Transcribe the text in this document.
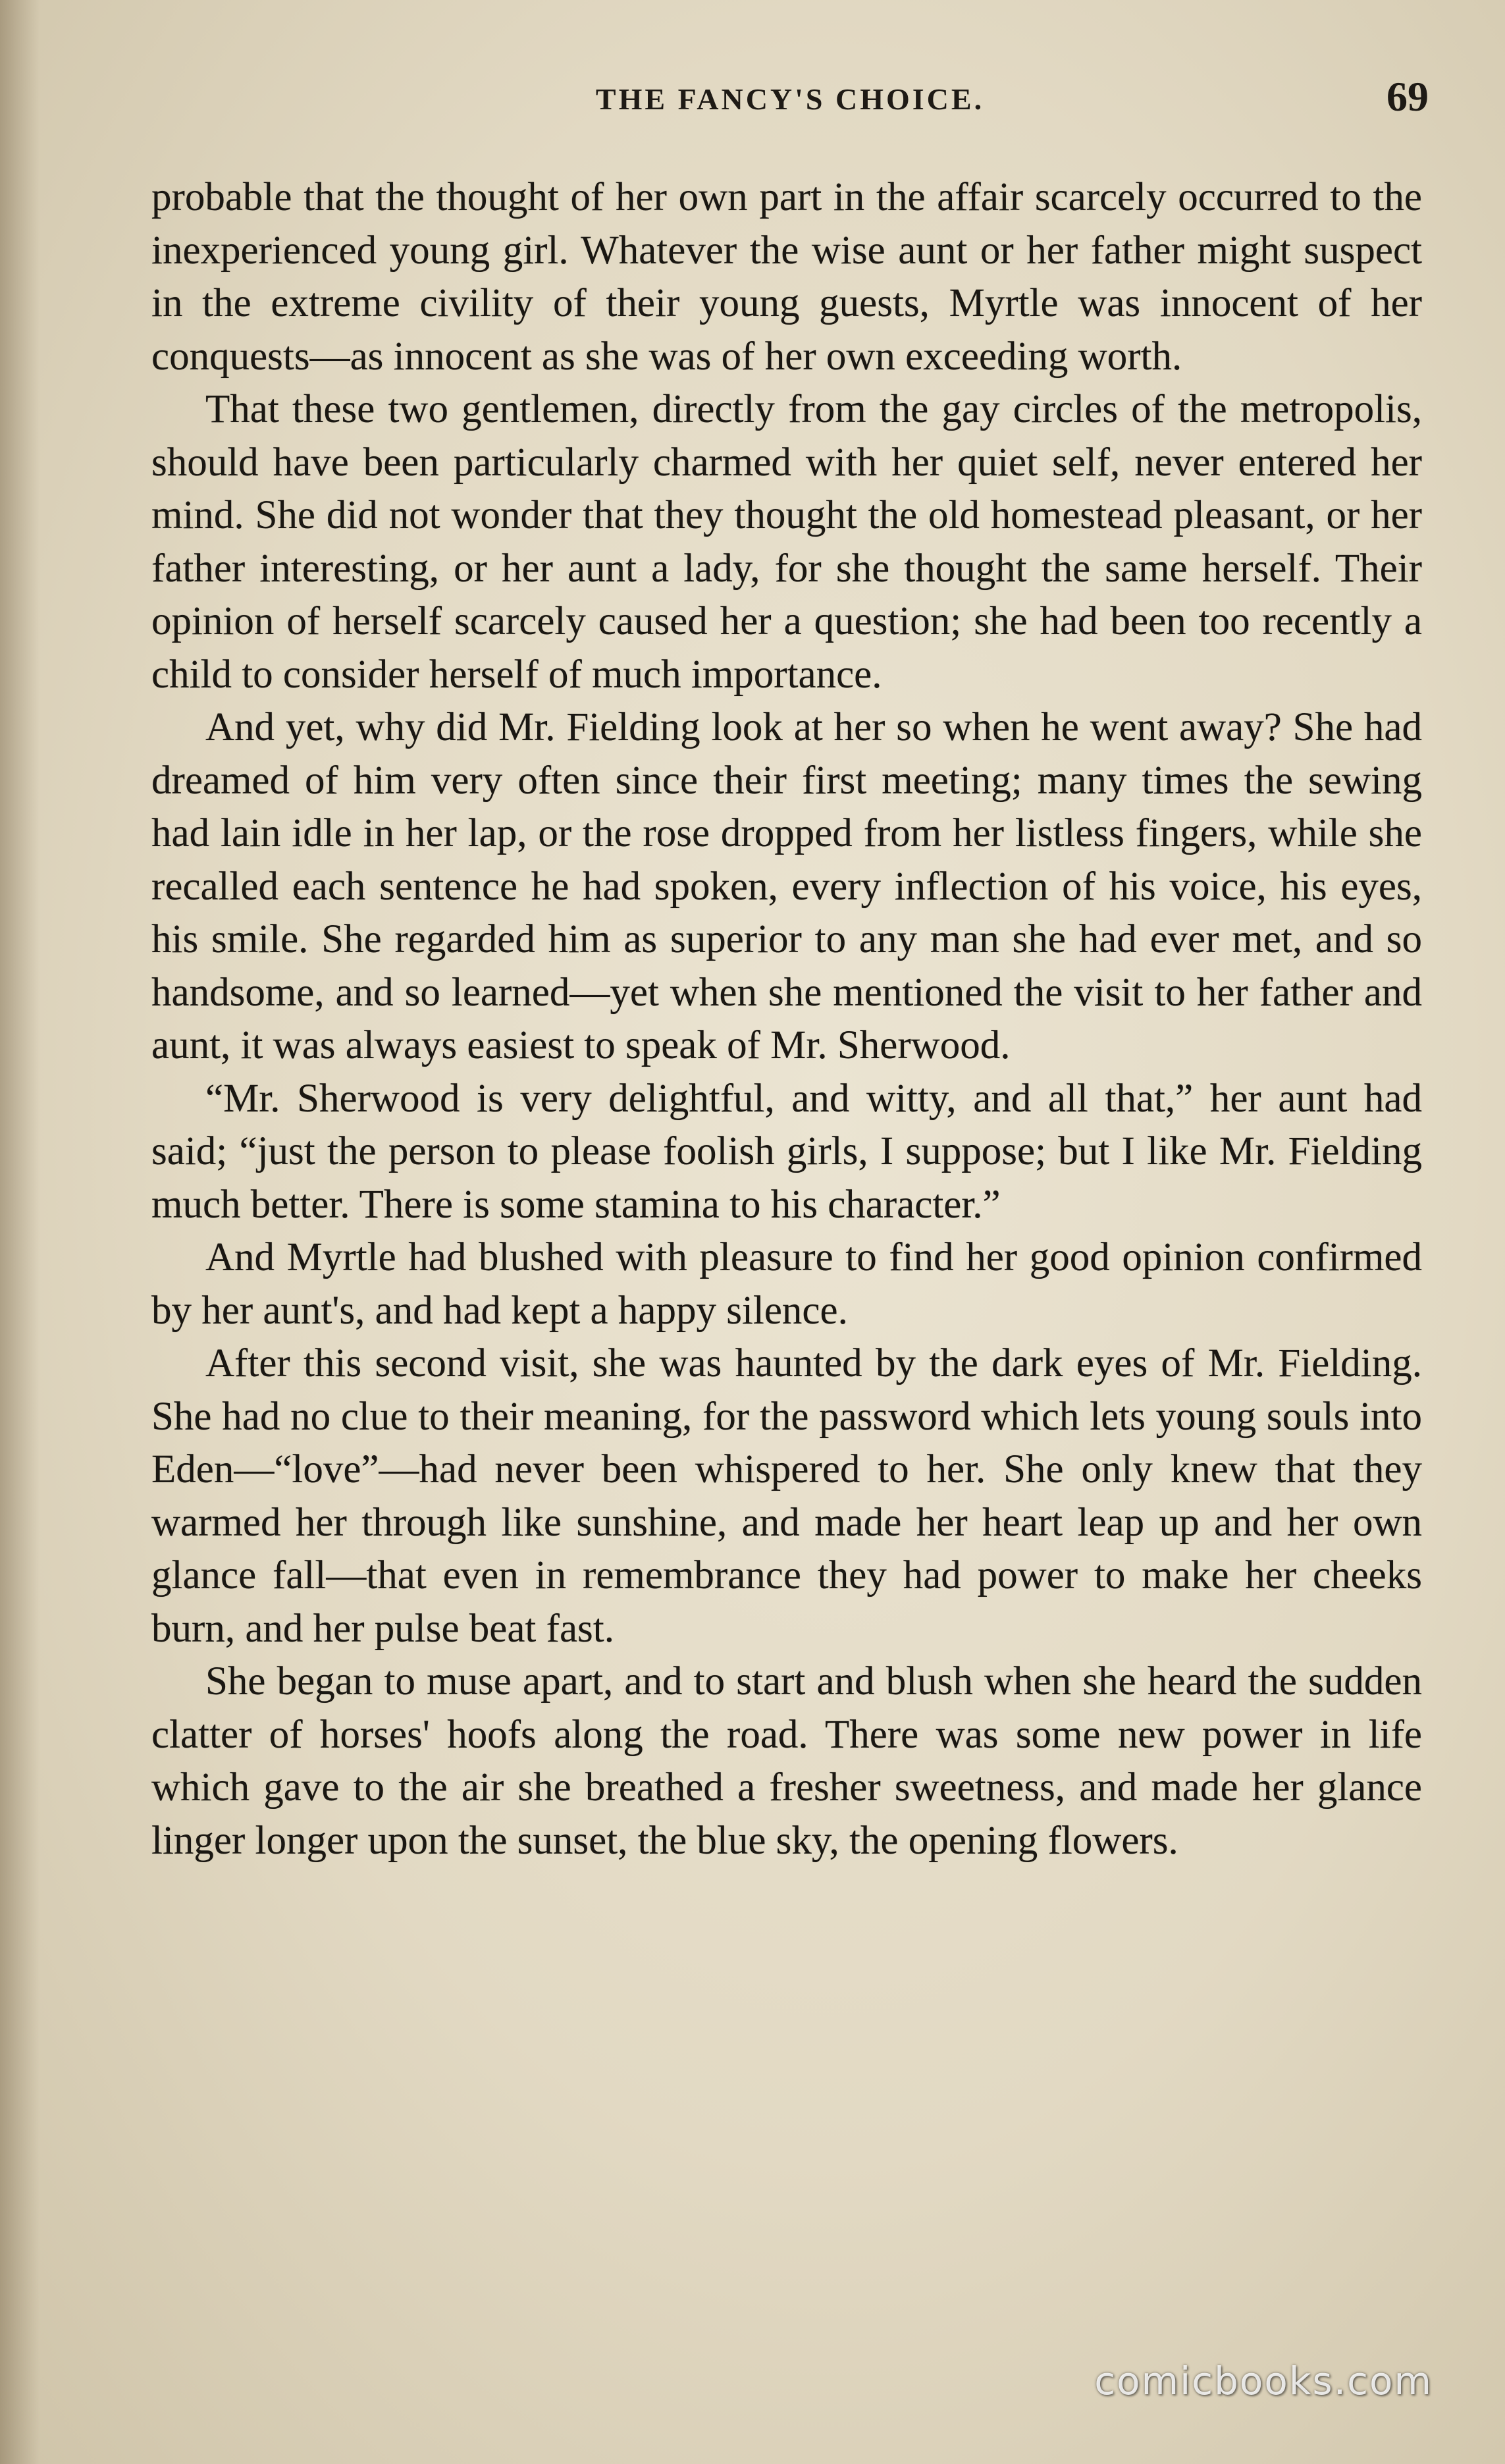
THE FANCY'S CHOICE.	69

probable that the thought of her own part in the affair scarcely occurred to the inexperienced young girl. Whatever the wise aunt or her father might suspect in the extreme civility of their young guests, Myrtle was innocent of her conquests—as innocent as she was of her own exceeding worth.

That these two gentlemen, directly from the gay circles of the metropolis, should have been particularly charmed with her quiet self, never entered her mind. She did not wonder that they thought the old homestead pleasant, or her father interesting, or her aunt a lady, for she thought the same herself. Their opinion of herself scarcely caused her a question; she had been too recently a child to consider herself of much importance.

And yet, why did Mr. Fielding look at her so when he went away? She had dreamed of him very often since their first meeting; many times the sewing had lain idle in her lap, or the rose dropped from her listless fingers, while she recalled each sentence he had spoken, every inflection of his voice, his eyes, his smile. She regarded him as superior to any man she had ever met, and so handsome, and so learned—yet when she mentioned the visit to her father and aunt, it was always easiest to speak of Mr. Sherwood.

“Mr. Sherwood is very delightful, and witty, and all that,” her aunt had said; “just the person to please foolish girls, I suppose; but I like Mr. Fielding much better. There is some stamina to his character.”

And Myrtle had blushed with pleasure to find her good opinion confirmed by her aunt's, and had kept a happy silence.

After this second visit, she was haunted by the dark eyes of Mr. Fielding. She had no clue to their meaning, for the password which lets young souls into Eden—“love”—had never been whispered to her. She only knew that they warmed her through like sunshine, and made her heart leap up and her own glance fall—that even in remembrance they had power to make her cheeks burn, and her pulse beat fast.

She began to muse apart, and to start and blush when she heard the sudden clatter of horses' hoofs along the road. There was some new power in life which gave to the air she breathed a fresher sweetness, and made her glance linger longer upon the sunset, the blue sky, the opening flowers.

comicbooks.com
